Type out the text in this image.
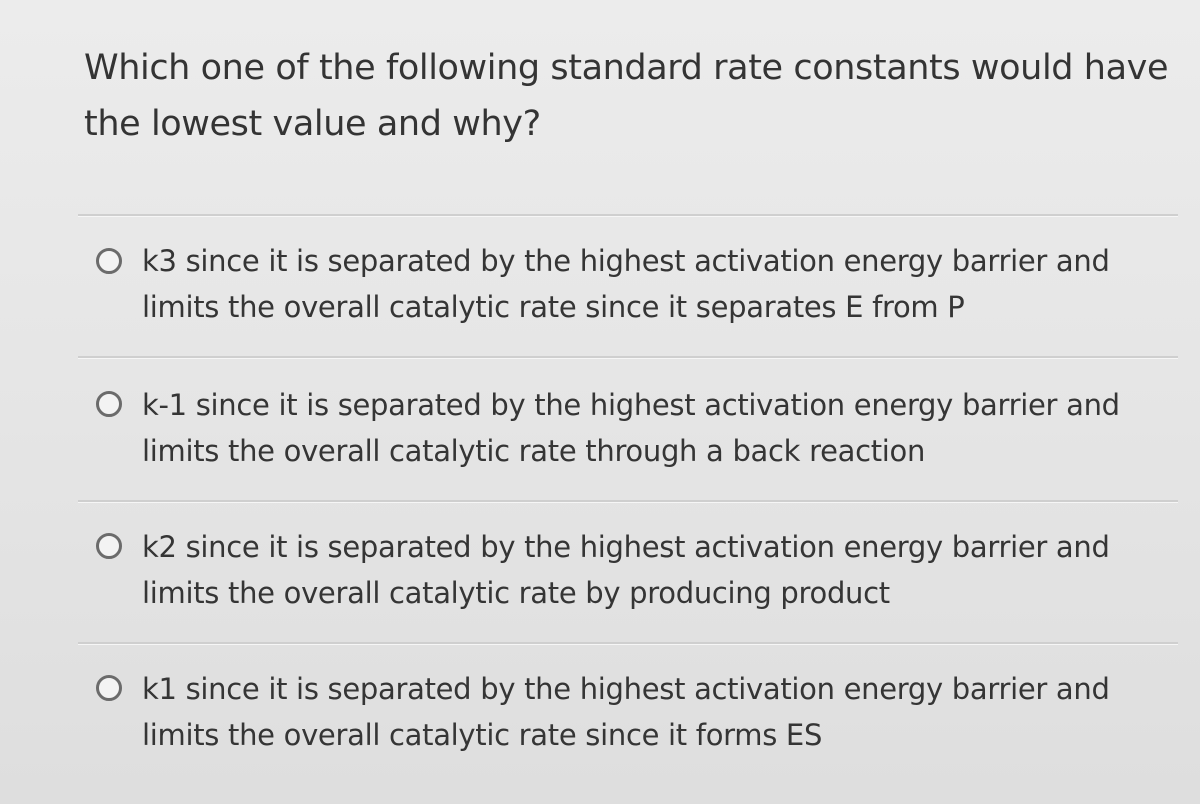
Which one of the following standard rate constants would have
the lowest value and why?
k3 since it is separated by the highest activation energy barrier and
limits the overall catalytic rate since it separates E from P
k-1 since it is separated by the highest activation energy barrier and
limits the overall catalytic rate through a back reaction
k2 since it is separated by the highest activation energy barrier and
limits the overall catalytic rate by producing product
k1 since it is separated by the highest activation energy barrier and
limits the overall catalytic rate since it forms ES
